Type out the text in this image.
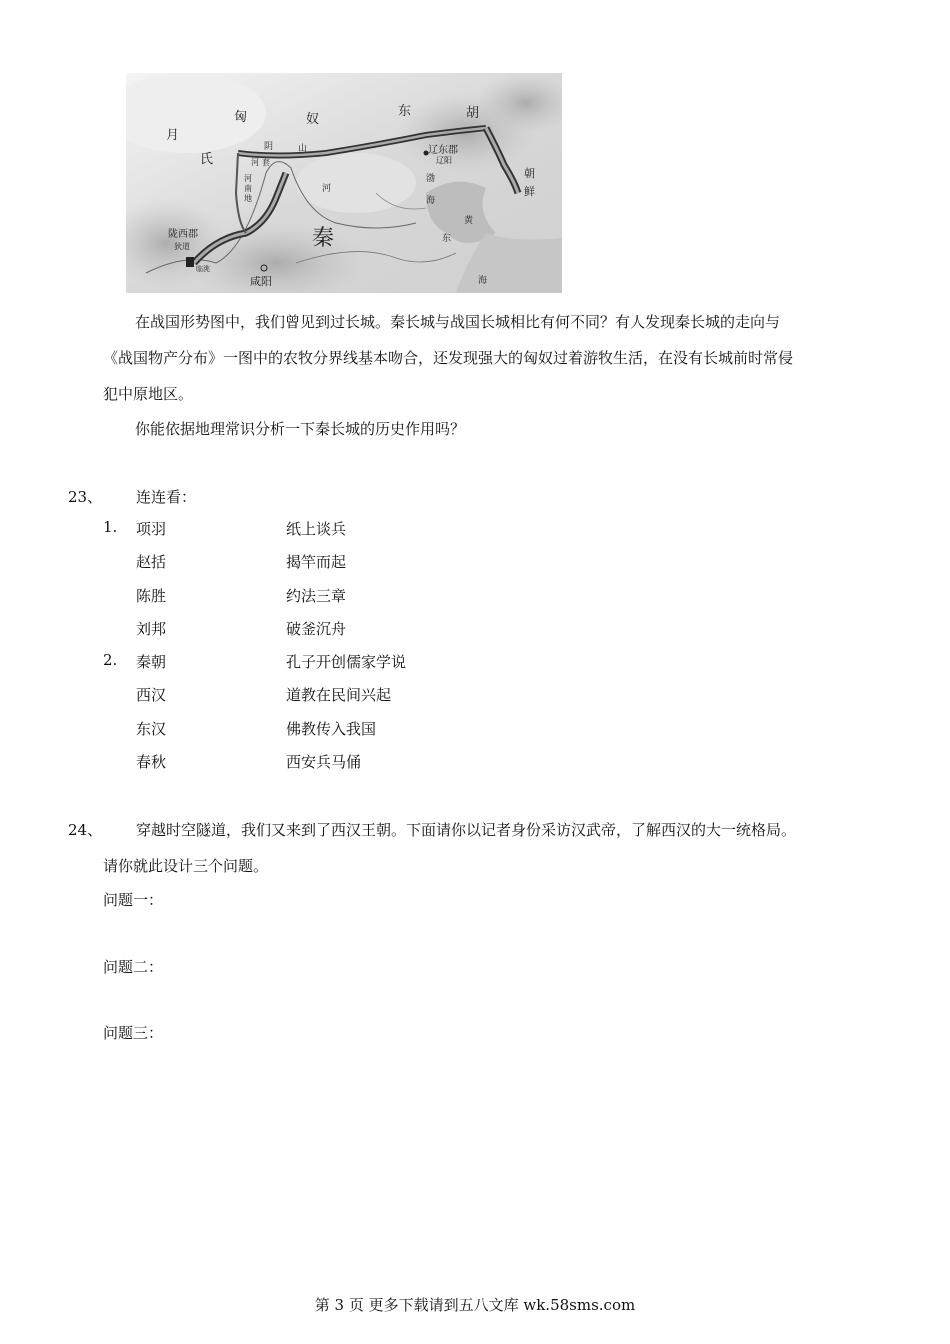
匈	奴
东	胡
月
氏
阴	山	辽东郡
辽阳
朝
鲜
河 套
河
南
地
秦
陇西郡
狄道
临洮
咸阳
渤
海
黄
东
海
河
在战国形势图中，我们曾见到过长城。秦长城与战国长城相比有何不同？有人发现秦长城的走向与
《战国物产分布》一图中的农牧分界线基本吻合，还发现强大的匈奴过着游牧生活，在没有长城前时常侵
犯中原地区。
你能依据地理常识分析一下秦长城的历史作用吗？
23、 连连看：
1. 项羽	纸上谈兵
赵括	揭竿而起
陈胜	约法三章
刘邦	破釜沉舟
2. 秦朝	孔子开创儒家学说
西汉	道教在民间兴起
东汉	佛教传入我国
春秋	西安兵马俑
24、 穿越时空隧道，我们又来到了西汉王朝。下面请你以记者身份采访汉武帝，了解西汉的大一统格局。
请你就此设计三个问题。
问题一：
问题二：
问题三：
第 3 页 更多下载请到五八文库 wk.58sms.com
